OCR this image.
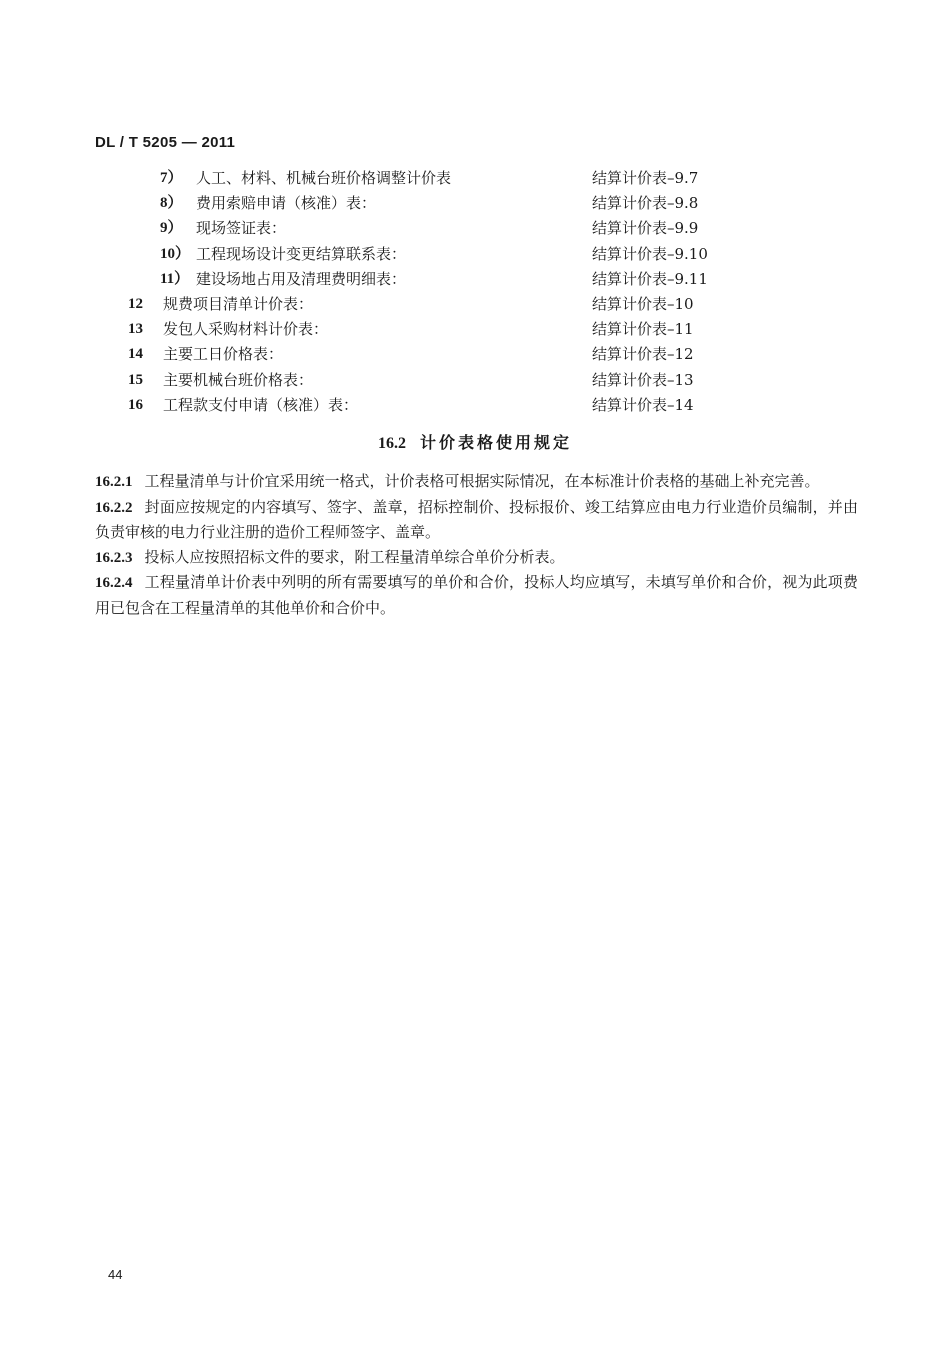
DL / T 5205 — 2011
7） 人工、材料、机械台班价格调整计价表	结算计价表–9.7
8） 费用索赔申请（核准）表：	结算计价表–9.8
9） 现场签证表：	结算计价表–9.9
10） 工程现场设计变更结算联系表：	结算计价表–9.10
11） 建设场地占用及清理费明细表：	结算计价表–9.11
12 规费项目清单计价表：	结算计价表–10
13 发包人采购材料计价表：	结算计价表–11
14 主要工日价格表：	结算计价表–12
15 主要机械台班价格表：	结算计价表–13
16 工程款支付申请（核准）表：	结算计价表–14
16.2 计价表格使用规定

16.2.1 工程量清单与计价宜采用统一格式，计价表格可根据实际情况，在本标准计价表格的基础上补充完善。

16.2.2 封面应按规定的内容填写、签字、盖章，招标控制价、投标报价、竣工结算应由电力行业造价员编制，并由负责审核的电力行业注册的造价工程师签字、盖章。

16.2.3 投标人应按照招标文件的要求，附工程量清单综合单价分析表。

16.2.4 工程量清单计价表中列明的所有需要填写的单价和合价，投标人均应填写，未填写单价和合价，视为此项费用已包含在工程量清单的其他单价和合价中。

44
